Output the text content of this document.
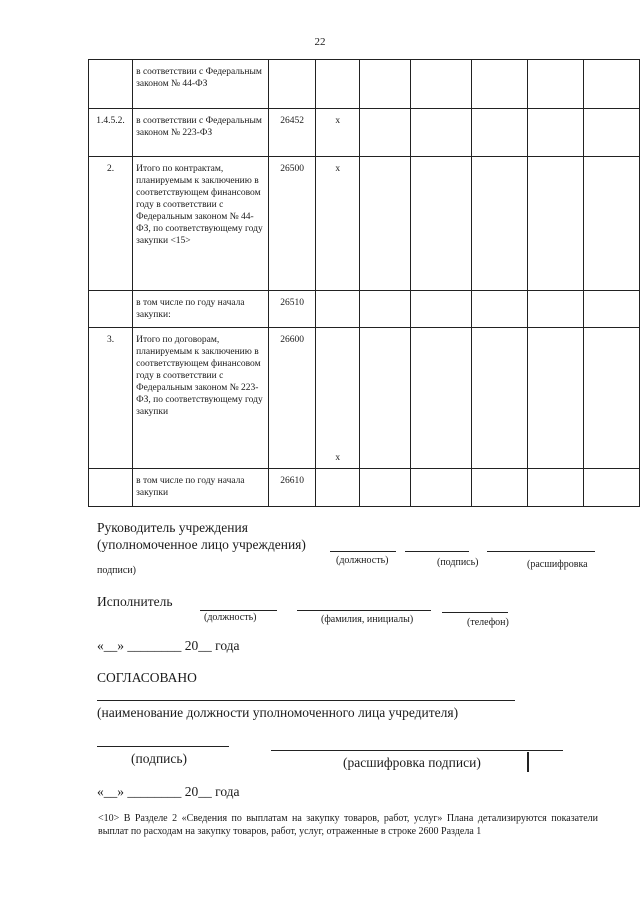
22
	в соответствии с Федеральным законом № 44-ФЗ							
1.4.5.2.	в соответствии с Федеральным законом № 223-ФЗ	26452	x					
2.	Итого по контрактам, планируемым к заключению в соответствующем финансовом году в соответствии с Федеральным законом № 44-ФЗ, по соответствующему году закупки <15>	26500	x					
	в том числе по году начала закупки:	26510						
3.	Итого по договорам, планируемым к заключению в соответствующем финансовом году в соответствии с Федеральным законом № 223-ФЗ, по соответствующему году закупки	26600	x					
	в том числе по году начала закупки	26610						
Руководитель учреждения
(уполномоченное лицо учреждения)
(должность)	(подпись)	(расшифровка
подписи)
Исполнитель
(должность)	(фамилия, инициалы)	(телефон)
«__» ________ 20__ года
СОГЛАСОВАНО
(наименование должности уполномоченного лица учредителя)
(подпись)	(расшифровка подписи)
«__» ________ 20__ года
<10> В Разделе 2 «Сведения по выплатам на закупку товаров, работ, услуг» Плана детализируются показатели выплат по расходам на закупку товаров, работ, услуг, отраженные в строке 2600 Раздела 1
